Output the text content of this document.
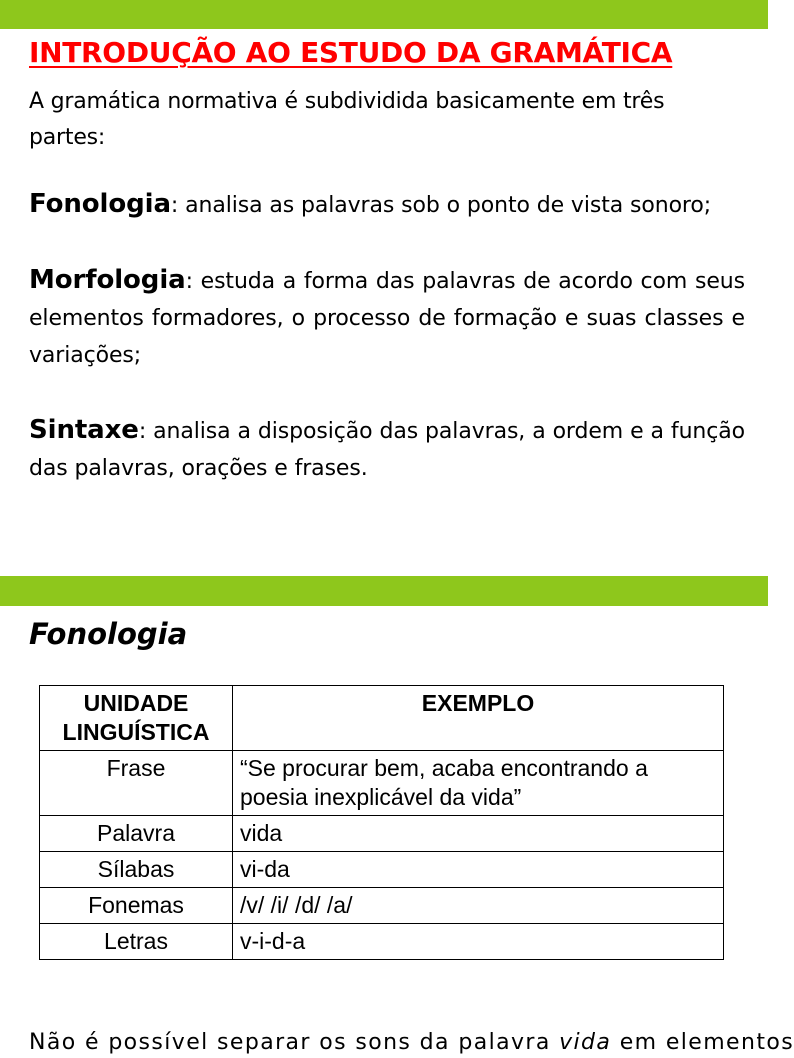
INTRODUÇÃO AO ESTUDO DA GRAMÁTICA

A gramática normativa é subdividida basicamente em três partes:

Fonologia: analisa as palavras sob o ponto de vista sonoro;

Morfologia: estuda a forma das palavras de acordo com seus elementos formadores, o processo de formação e suas classes e variações;

Sintaxe: analisa a disposição das palavras, a ordem e a função das palavras, orações e frases.

Fonologia
UNIDADE LINGUÍSTICA	EXEMPLO
Frase	“Se procurar bem, acaba encontrando a poesia inexplicável da vida”
Palavra	vida
Sílabas	vi-da
Fonemas	/v/ /i/ /d/ /a/
Letras	v-i-d-a

Não é possível separar os sons da palavra vida em elementos
